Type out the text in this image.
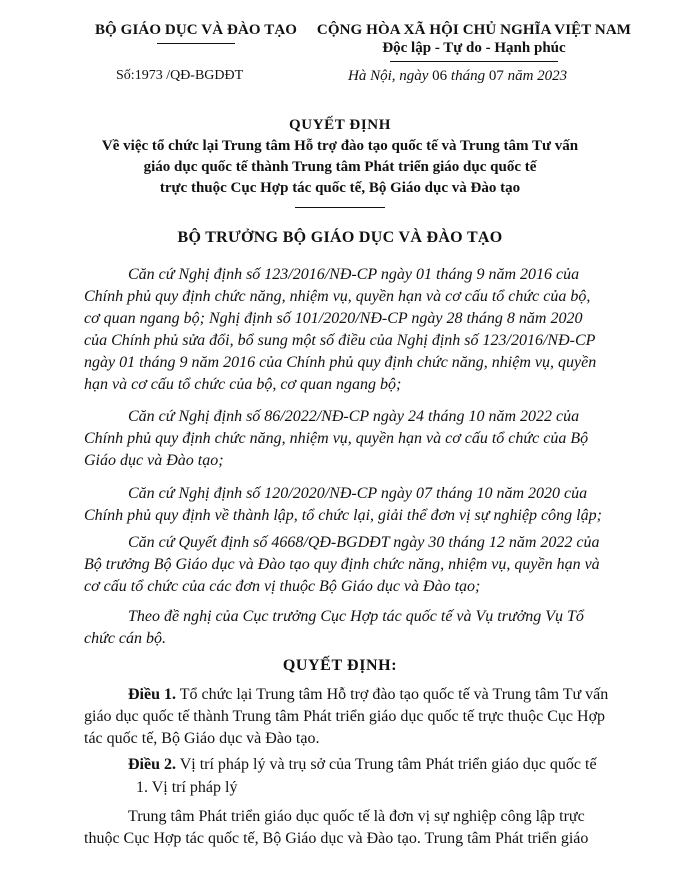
BỘ GIÁO DỤC VÀ ĐÀO TẠO
Số:1973 /QĐ-BGDĐT
CỘNG HÒA XÃ HỘI CHỦ NGHĨA VIỆT NAM
Độc lập - Tự do - Hạnh phúc
Hà Nội, ngày 06 tháng 07 năm 2023
QUYẾT ĐỊNH
Về việc tổ chức lại Trung tâm Hỗ trợ đào tạo quốc tế và Trung tâm Tư vấn
giáo dục quốc tế thành Trung tâm Phát triển giáo dục quốc tế
trực thuộc Cục Hợp tác quốc tế, Bộ Giáo dục và Đào tạo
BỘ TRƯỞNG BỘ GIÁO DỤC VÀ ĐÀO TẠO
Căn cứ Nghị định số 123/2016/NĐ-CP ngày 01 tháng 9 năm 2016 của
Chính phủ quy định chức năng, nhiệm vụ, quyền hạn và cơ cấu tổ chức của bộ,
cơ quan ngang bộ; Nghị định số 101/2020/NĐ-CP ngày 28 tháng 8 năm 2020
của Chính phủ sửa đổi, bổ sung một số điều của Nghị định số 123/2016/NĐ-CP
ngày 01 tháng 9 năm 2016 của Chính phủ quy định chức năng, nhiệm vụ, quyền
hạn và cơ cấu tổ chức của bộ, cơ quan ngang bộ;
Căn cứ Nghị định số 86/2022/NĐ-CP ngày 24 tháng 10 năm 2022 của
Chính phủ quy định chức năng, nhiệm vụ, quyền hạn và cơ cấu tổ chức của Bộ
Giáo dục và Đào tạo;
Căn cứ Nghị định số 120/2020/NĐ-CP ngày 07 tháng 10 năm 2020 của
Chính phủ quy định về thành lập, tổ chức lại, giải thể đơn vị sự nghiệp công lập;
Căn cứ Quyết định số 4668/QĐ-BGDĐT ngày 30 tháng 12 năm 2022 của
Bộ trưởng Bộ Giáo dục và Đào tạo quy định chức năng, nhiệm vụ, quyền hạn và
cơ cấu tổ chức của các đơn vị thuộc Bộ Giáo dục và Đào tạo;
Theo đề nghị của Cục trưởng Cục Hợp tác quốc tế và Vụ trưởng Vụ Tổ
chức cán bộ.
QUYẾT ĐỊNH:
Điều 1. Tổ chức lại Trung tâm Hỗ trợ đào tạo quốc tế và Trung tâm Tư vấn
giáo dục quốc tế thành Trung tâm Phát triển giáo dục quốc tế trực thuộc Cục Hợp
tác quốc tế, Bộ Giáo dục và Đào tạo.
Điều 2. Vị trí pháp lý và trụ sở của Trung tâm Phát triển giáo dục quốc tế
1. Vị trí pháp lý
Trung tâm Phát triển giáo dục quốc tế là đơn vị sự nghiệp công lập trực
thuộc Cục Hợp tác quốc tế, Bộ Giáo dục và Đào tạo. Trung tâm Phát triển giáo
